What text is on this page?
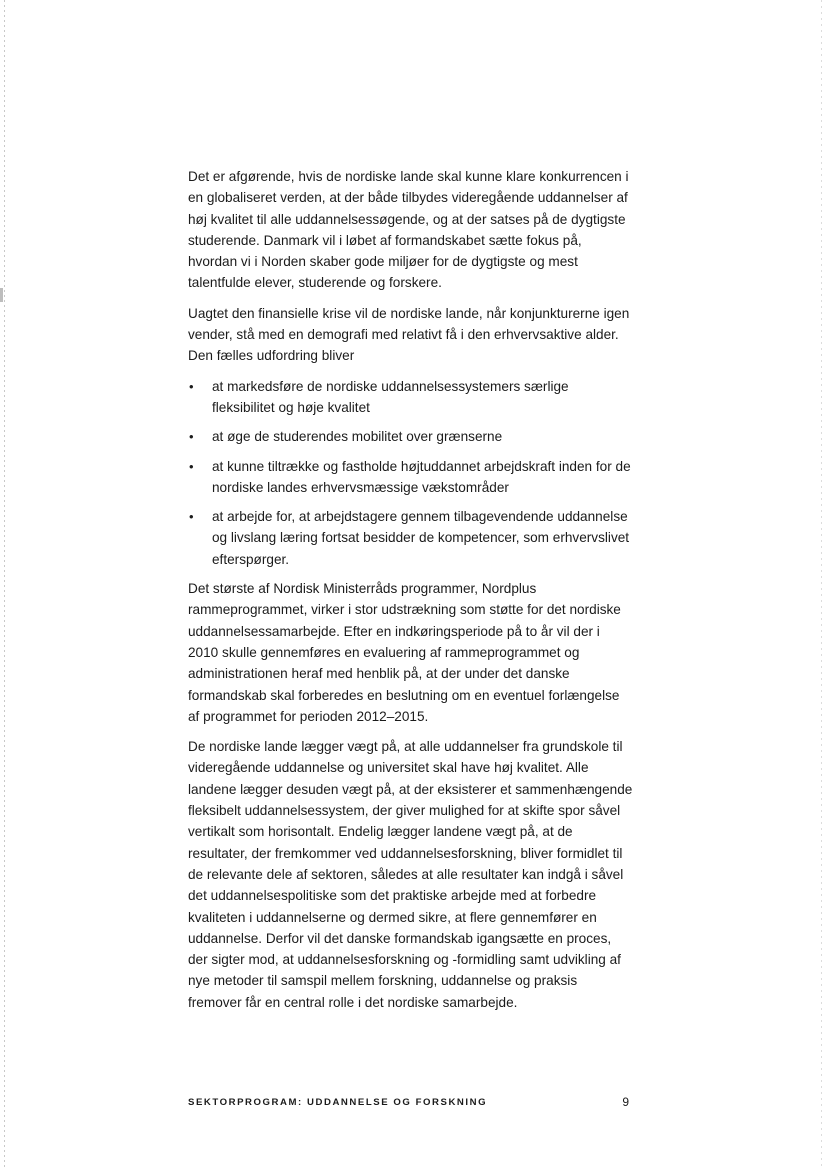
Det er afgørende, hvis de nordiske lande skal kunne klare konkurrencen i en globaliseret verden, at der både tilbydes videregående uddannelser af høj kvalitet til alle uddannelsessøgende, og at der satses på de dygtigste studerende. Danmark vil i løbet af formandskabet sætte fokus på, hvordan vi i Norden skaber gode miljøer for de dygtigste og mest talentfulde elever, studerende og forskere.

Uagtet den finansielle krise vil de nordiske lande, når konjunkturerne igen vender, stå med en demografi med relativt få i den erhvervsaktive alder. Den fælles udfordring bliver

• at markedsføre de nordiske uddannelsessystemers særlige fleksibilitet og høje kvalitet
• at øge de studerendes mobilitet over grænserne
• at kunne tiltrække og fastholde højtuddannet arbejdskraft inden for de nordiske landes erhvervsmæssige vækstområder
• at arbejde for, at arbejdstagere gennem tilbagevendende uddannelse og livslang læring fortsat besidder de kompetencer, som erhvervslivet efterspørger.

Det største af Nordisk Ministerråds programmer, Nordplus rammeprogrammet, virker i stor udstrækning som støtte for det nordiske uddannelsessamarbejde. Efter en indkøringsperiode på to år vil der i 2010 skulle gennemføres en evaluering af rammeprogrammet og administrationen heraf med henblik på, at der under det danske formandskab skal forberedes en beslutning om en eventuel forlængelse af programmet for perioden 2012–2015.

De nordiske lande lægger vægt på, at alle uddannelser fra grundskole til videregående uddannelse og universitet skal have høj kvalitet. Alle landene lægger desuden vægt på, at der eksisterer et sammenhængende fleksibelt uddannelsessystem, der giver mulighed for at skifte spor såvel vertikalt som horisontalt. Endelig lægger landene vægt på, at de resultater, der fremkommer ved uddannelsesforskning, bliver formidlet til de relevante dele af sektoren, således at alle resultater kan indgå i såvel det uddannelsespolitiske som det praktiske arbejde med at forbedre kvaliteten i uddannelserne og dermed sikre, at flere gennemfører en uddannelse. Derfor vil det danske formandskab igangsætte en proces, der sigter mod, at uddannelsesforskning og -formidling samt udvikling af nye metoder til samspil mellem forskning, uddannelse og praksis fremover får en central rolle i det nordiske samarbejde.

SEKTORPROGRAM: UDDANNELSE OG FORSKNING	9
